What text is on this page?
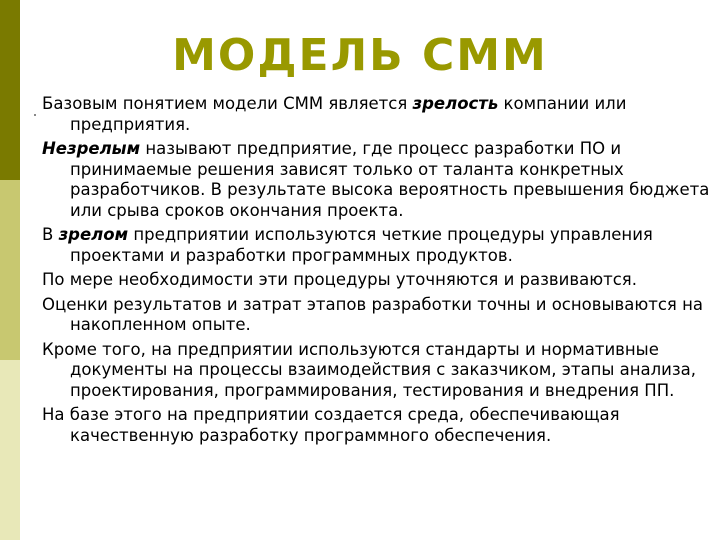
МОДЕЛЬ СММ
Базовым понятием модели СММ является зрелость компании или предприятия.
Незрелым называют предприятие, где процесс разработки ПО и принимаемые решения зависят только от таланта конкретных разработчиков. В результате высока вероятность превышения бюджета или срыва сроков окончания проекта.
В зрелом предприятии используются четкие процедуры управления проектами и разработки программных продуктов.
По мере необходимости эти процедуры уточняются и развиваются.
Оценки результатов и затрат этапов разработки точны и основываются на накопленном опыте.
Кроме того, на предприятии используются стандарты и нормативные документы на процессы взаимодействия с заказчиком, этапы анализа, проектирования, программирования, тестирования и внедрения ПП.
На базе этого на предприятии создается среда, обеспечивающая качественную разработку программного обеспечения.
